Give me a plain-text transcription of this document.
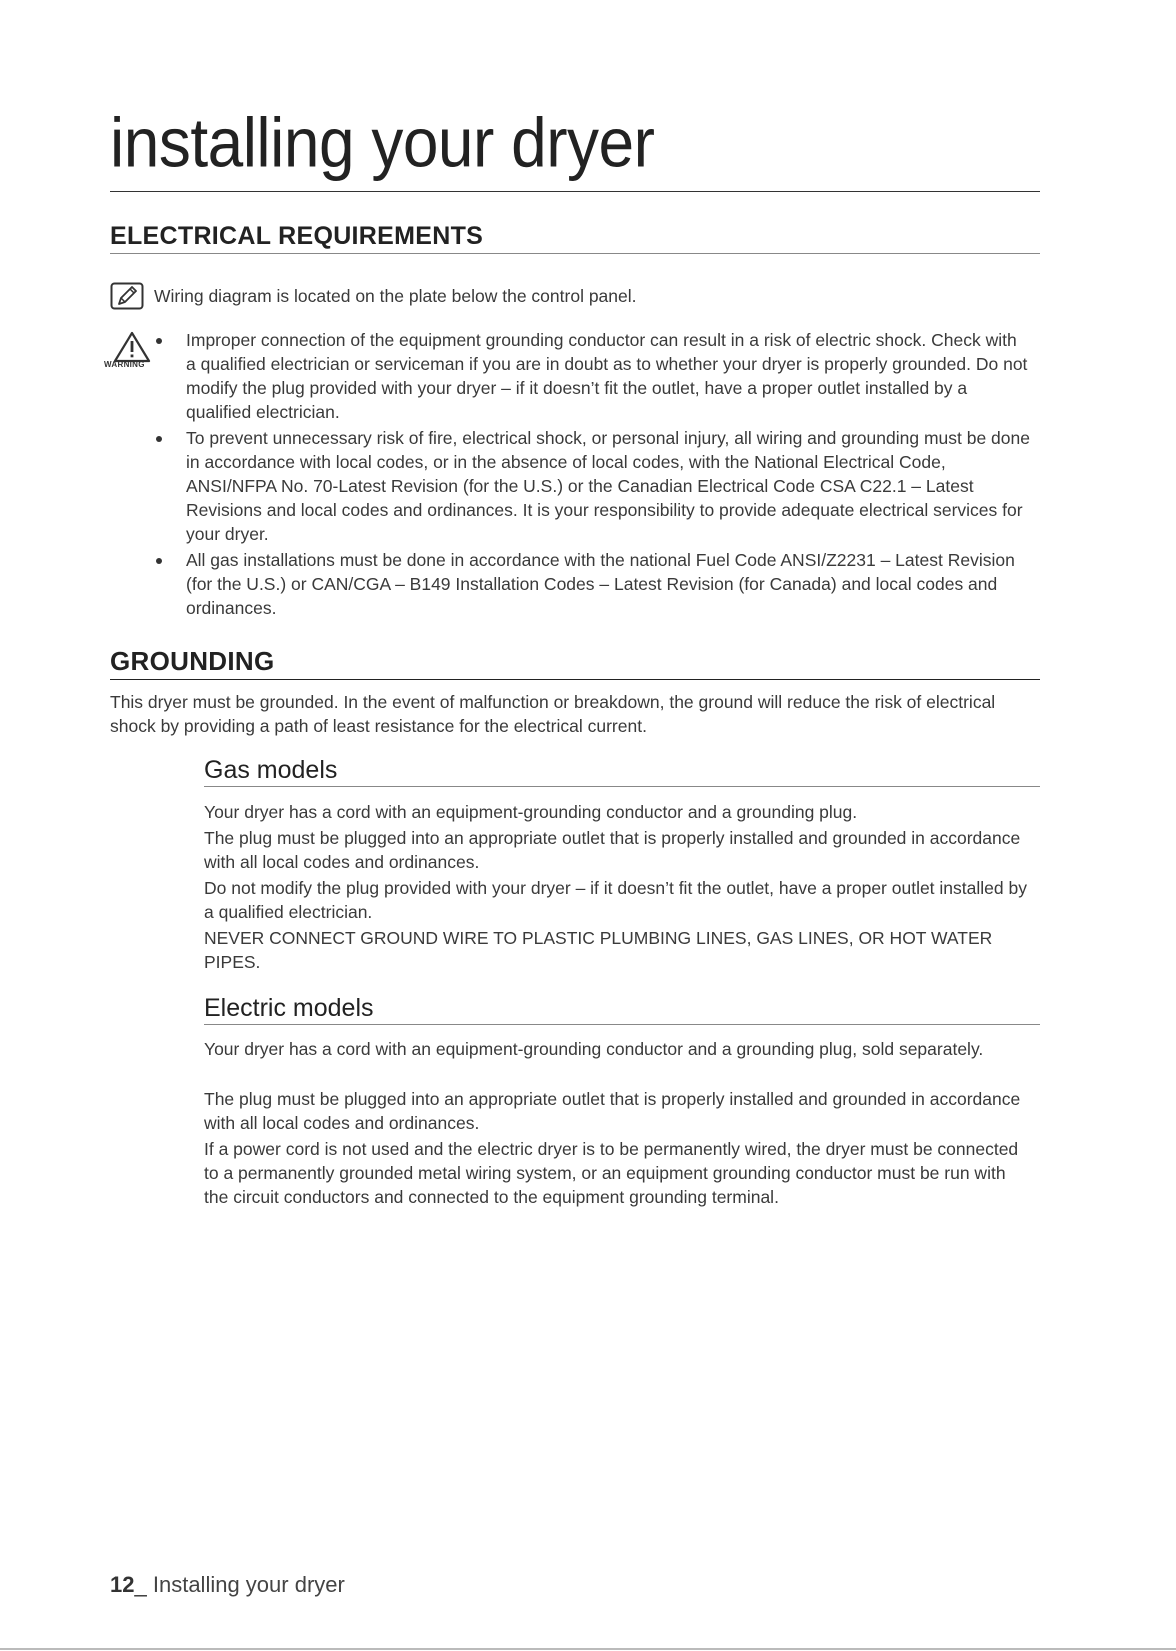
installing your dryer
ELECTRICAL REQUIREMENTS
Wiring diagram is located on the plate below the control panel.
WARNING
Improper connection of the equipment grounding conductor can result in a risk of electric shock. Check with a qualified electrician or serviceman if you are in doubt as to whether your dryer is properly grounded. Do not modify the plug provided with your dryer – if it doesn’t fit the outlet, have a proper outlet installed by a qualified electrician.
To prevent unnecessary risk of fire, electrical shock, or personal injury, all wiring and grounding must be done in accordance with local codes, or in the absence of local codes, with the National Electrical Code, ANSI/NFPA No. 70-Latest Revision (for the U.S.) or the Canadian Electrical Code CSA C22.1 – Latest Revisions and local codes and ordinances. It is your responsibility to provide adequate electrical services for your dryer.
All gas installations must be done in accordance with the national Fuel Code ANSI/Z2231 – Latest Revision (for the U.S.) or CAN/CGA – B149 Installation Codes – Latest Revision (for Canada) and local codes and ordinances.
GROUNDING

This dryer must be grounded. In the event of malfunction or breakdown, the ground will reduce the risk of electrical shock by providing a path of least resistance for the electrical current.

Gas models

Your dryer has a cord with an equipment-grounding conductor and a grounding plug.

The plug must be plugged into an appropriate outlet that is properly installed and grounded in accordance with all local codes and ordinances.

Do not modify the plug provided with your dryer – if it doesn’t fit the outlet, have a proper outlet installed by a qualified electrician.

NEVER CONNECT GROUND WIRE TO PLASTIC PLUMBING LINES, GAS LINES, OR HOT WATER PIPES.

Electric models

Your dryer has a cord with an equipment-grounding conductor and a grounding plug, sold separately.

The plug must be plugged into an appropriate outlet that is properly installed and grounded in accordance with all local codes and ordinances.

If a power cord is not used and the electric dryer is to be permanently wired, the dryer must be connected to a permanently grounded metal wiring system, or an equipment grounding conductor must be run with the circuit conductors and connected to the equipment grounding terminal.

12_ Installing your dryer
